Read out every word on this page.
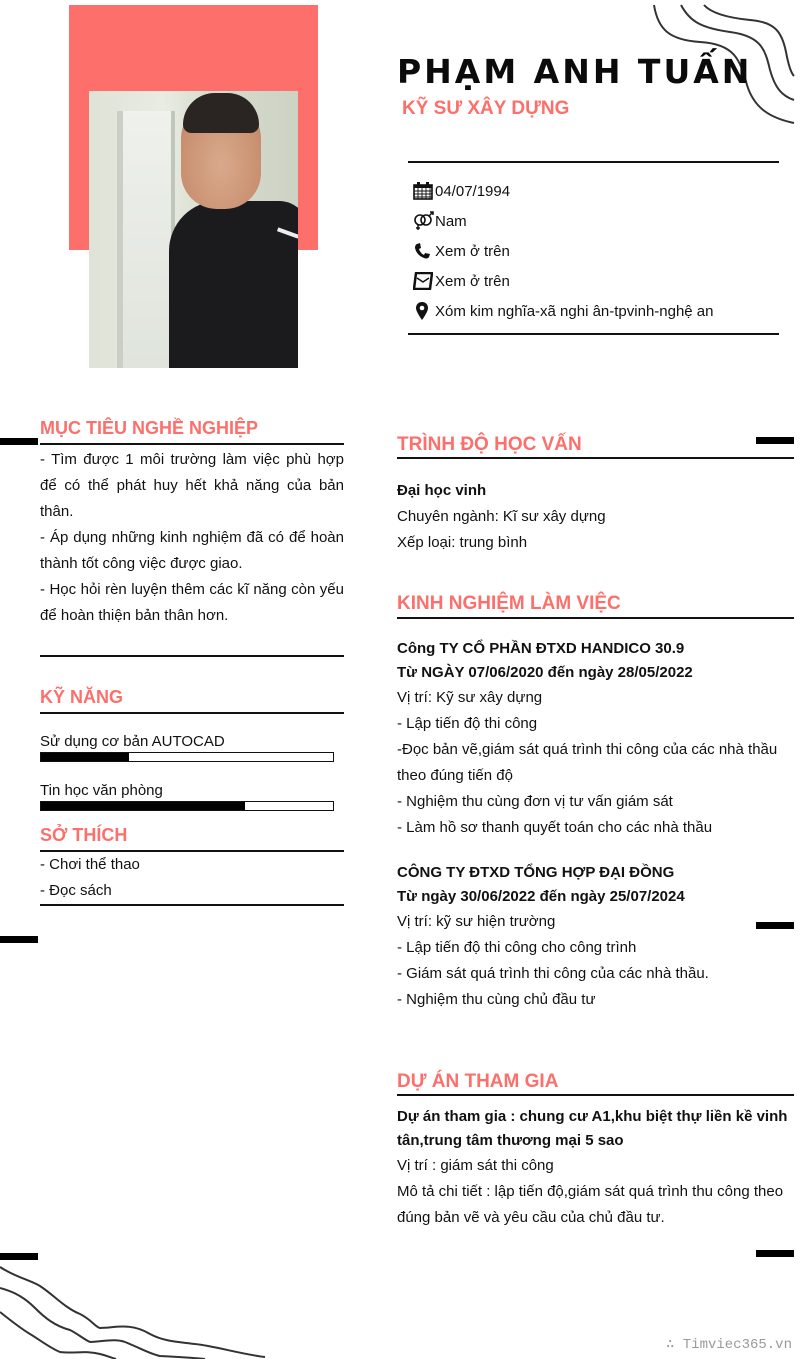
PHẠM ANH TUẤN
KỸ SƯ XÂY DỰNG
04/07/1994
Nam
Xem ở trên
Xem ở trên
Xóm kim nghĩa-xã nghi ân-tpvinh-nghệ an
MỤC TIÊU NGHỀ NGHIỆP
- Tìm được 1 môi trường làm việc phù hợp để có thể phát huy hết khả năng của bản thân.
- Áp dụng những kinh nghiệm đã có để hoàn thành tốt công việc được giao.
- Học hỏi rèn luyện thêm các kĩ năng còn yếu để hoàn thiện bản thân hơn.
KỸ NĂNG
Sử dụng cơ bản AUTOCAD
Tin học văn phòng
SỞ THÍCH
- Chơi thể thao
- Đọc sách
TRÌNH ĐỘ HỌC VẤN
Đại học vinh
Chuyên ngành: Kĩ sư xây dựng
Xếp loại: trung bình
KINH NGHIỆM LÀM VIỆC
Công TY CỔ PHẦN ĐTXD HANDICO 30.9
Từ NGÀY 07/06/2020 đến ngày 28/05/2022
Vị trí: Kỹ sư xây dựng
- Lập tiến độ thi công
-Đọc bản vẽ,giám sát quá trình thi công của các nhà thầu theo đúng tiến độ
- Nghiệm thu cùng đơn vị tư vấn giám sát
- Làm hồ sơ thanh quyết toán cho các nhà thầu
CÔNG TY ĐTXD TỔNG HỢP ĐẠI ĐỒNG
Từ ngày 30/06/2022 đến ngày 25/07/2024
Vị trí: kỹ sư hiện trường
- Lập tiến độ thi công cho công trình
- Giám sát quá trình thi công của các nhà thầu.
- Nghiệm thu cùng chủ đầu tư
DỰ ÁN THAM GIA
Dự án tham gia : chung cư A1,khu biệt thự liền kề vinh tân,trung tâm thương mại 5 sao
Vị trí : giám sát thi công
Mô tả chi tiết : lập tiến độ,giám sát quá trình thu công theo đúng bản vẽ và yêu cầu của chủ đầu tư.
∴ Timviec365.vn
